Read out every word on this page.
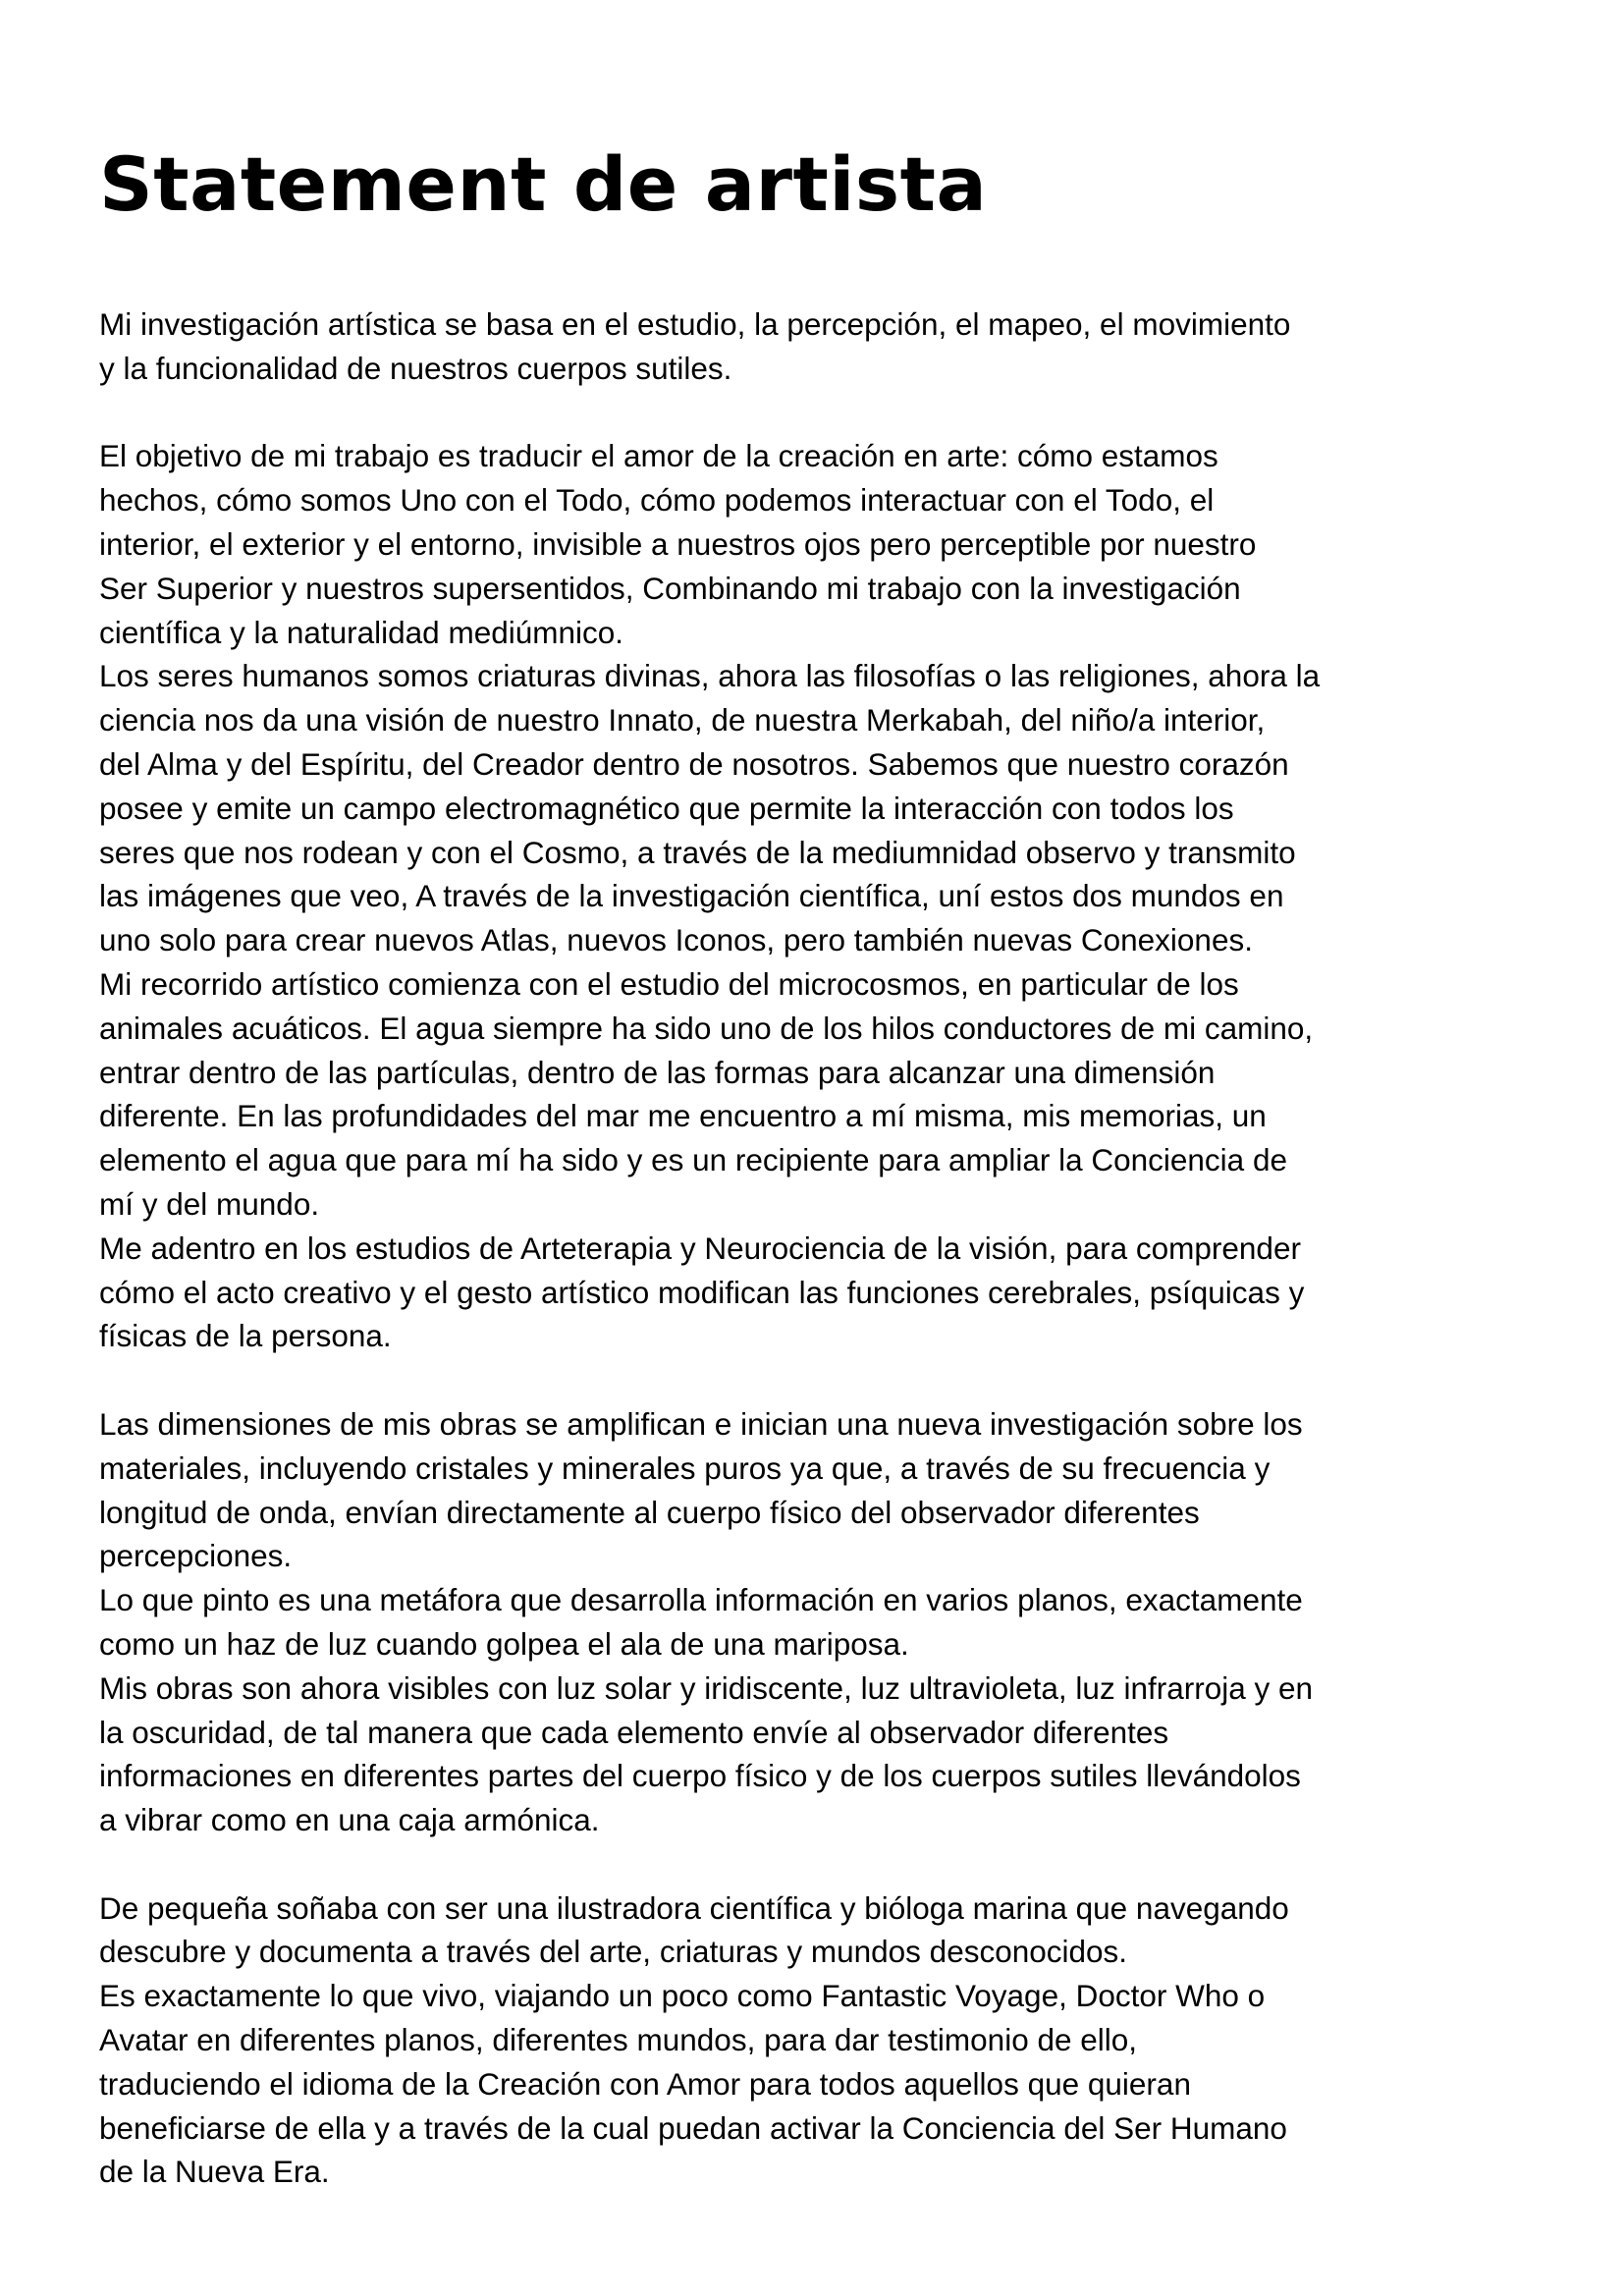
Statement de artista
Mi investigación artística se basa en el estudio, la percepción, el mapeo, el movimiento
y la funcionalidad de nuestros cuerpos sutiles.
El objetivo de mi trabajo es traducir el amor de la creación en arte: cómo estamos
hechos, cómo somos Uno con el Todo, cómo podemos interactuar con el Todo, el
interior, el exterior y el entorno, invisible a nuestros ojos pero perceptible por nuestro
Ser Superior y nuestros supersentidos, Combinando mi trabajo con la investigación
científica y la naturalidad mediúmnico.
Los seres humanos somos criaturas divinas, ahora las filosofías o las religiones, ahora la
ciencia nos da una visión de nuestro Innato, de nuestra Merkabah, del niño/a interior,
del Alma y del Espíritu, del Creador dentro de nosotros. Sabemos que nuestro corazón
posee y emite un campo electromagnético que permite la interacción con todos los
seres que nos rodean y con el Cosmo, a través de la mediumnidad observo y transmito
las imágenes que veo, A través de la investigación científica, uní estos dos mundos en
uno solo para crear nuevos Atlas, nuevos Iconos, pero también nuevas Conexiones.
Mi recorrido artístico comienza con el estudio del microcosmos, en particular de los
animales acuáticos. El agua siempre ha sido uno de los hilos conductores de mi camino,
entrar dentro de las partículas, dentro de las formas para alcanzar una dimensión
diferente. En las profundidades del mar me encuentro a mí misma, mis memorias, un
elemento el agua que para mí ha sido y es un recipiente para ampliar la Conciencia de
mí y del mundo.
Me adentro en los estudios de Arteterapia y Neurociencia de la visión, para comprender
cómo el acto creativo y el gesto artístico modifican las funciones cerebrales, psíquicas y
físicas de la persona.
Las dimensiones de mis obras se amplifican e inician una nueva investigación sobre los
materiales, incluyendo cristales y minerales puros ya que, a través de su frecuencia y
longitud de onda, envían directamente al cuerpo físico del observador diferentes
percepciones.
Lo que pinto es una metáfora que desarrolla información en varios planos, exactamente
como un haz de luz cuando golpea el ala de una mariposa.
Mis obras son ahora visibles con luz solar y iridiscente, luz ultravioleta, luz infrarroja y en
la oscuridad, de tal manera que cada elemento envíe al observador diferentes
informaciones en diferentes partes del cuerpo físico y de los cuerpos sutiles llevándolos
a vibrar como en una caja armónica.
De pequeña soñaba con ser una ilustradora científica y bióloga marina que navegando
descubre y documenta a través del arte, criaturas y mundos desconocidos.
Es exactamente lo que vivo, viajando un poco como Fantastic Voyage, Doctor Who o
Avatar en diferentes planos, diferentes mundos, para dar testimonio de ello,
traduciendo el idioma de la Creación con Amor para todos aquellos que quieran
beneficiarse de ella y a través de la cual puedan activar la Conciencia del Ser Humano
de la Nueva Era.
